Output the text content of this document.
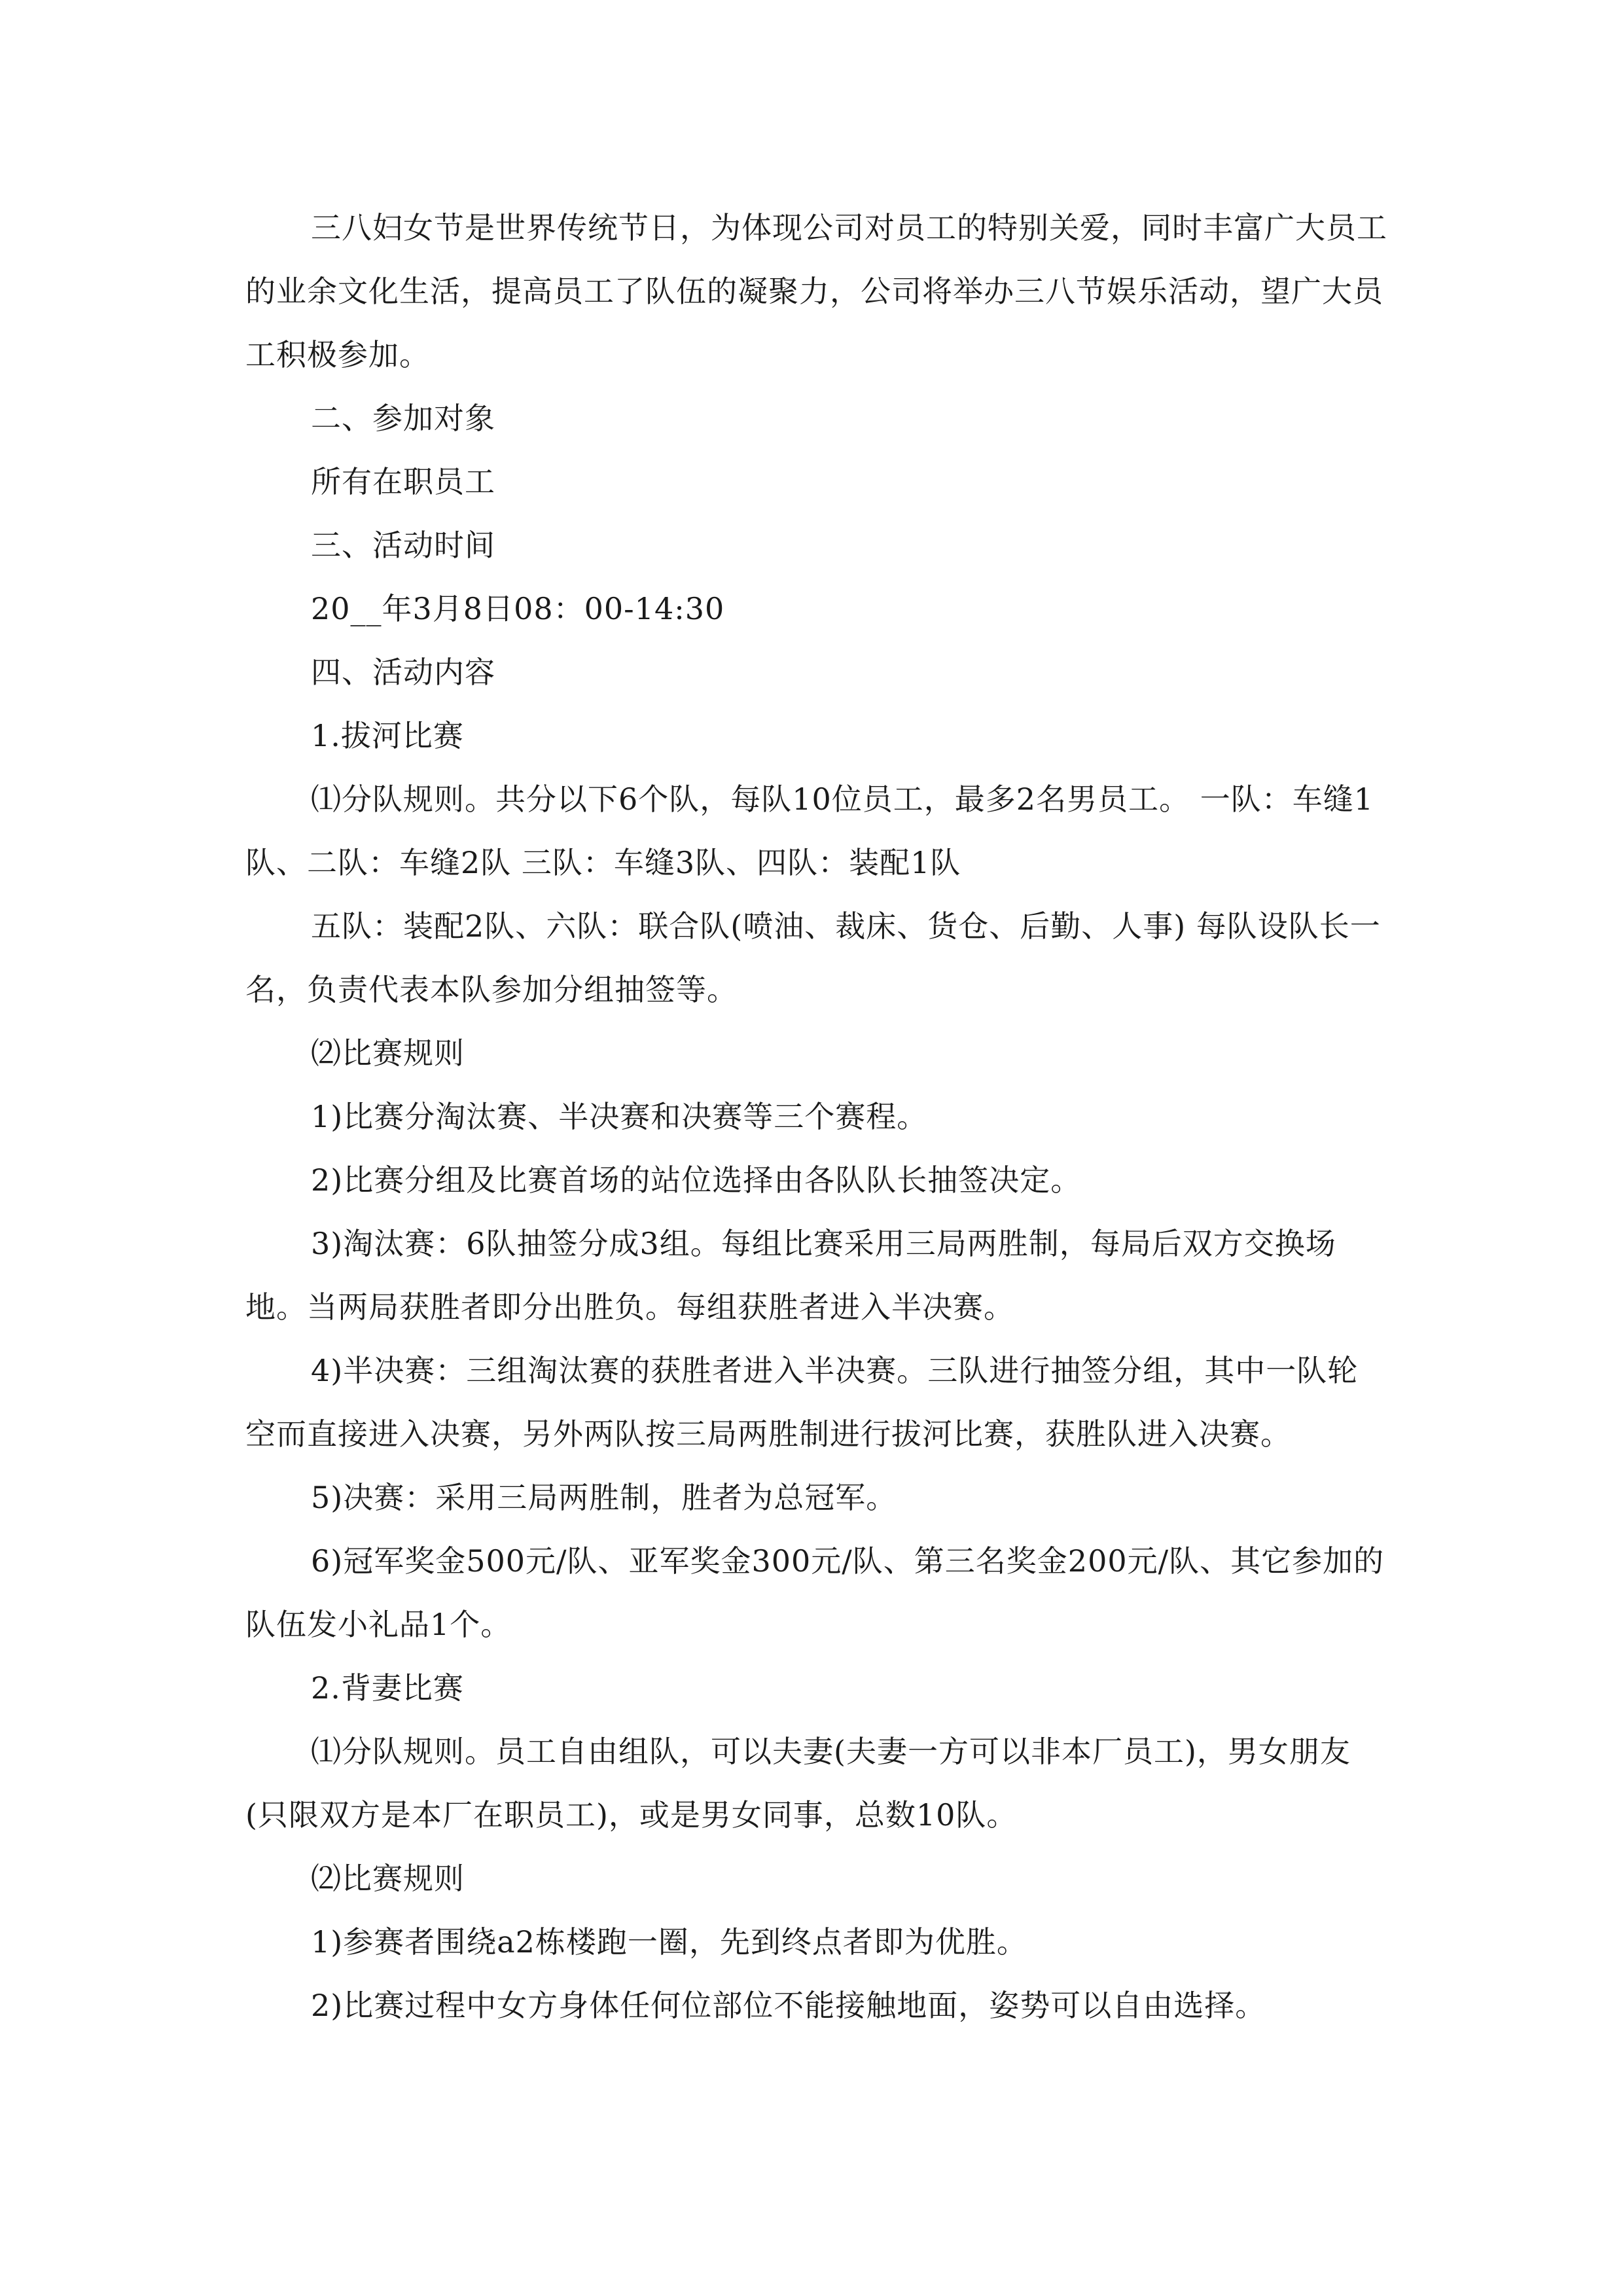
三八妇女节是世界传统节日，为体现公司对员工的特别关爱，同时丰富广大员工的业余文化生活，提高员工了队伍的凝聚力，公司将举办三八节娱乐活动，望广大员工积极参加。

二、参加对象

所有在职员工

三、活动时间

20__年3月8日08：00-14:30

四、活动内容

1.拔河比赛

⑴分队规则。共分以下6个队，每队10位员工，最多2名男员工。 一队：车缝1队、二队：车缝2队 三队：车缝3队、四队：装配1队

五队：装配2队、六队：联合队(喷油、裁床、货仓、后勤、人事) 每队设队长一名，负责代表本队参加分组抽签等。

⑵比赛规则

1)比赛分淘汰赛、半决赛和决赛等三个赛程。

2)比赛分组及比赛首场的站位选择由各队队长抽签决定。

3)淘汰赛：6队抽签分成3组。每组比赛采用三局两胜制，每局后双方交换场地。当两局获胜者即分出胜负。每组获胜者进入半决赛。

4)半决赛：三组淘汰赛的获胜者进入半决赛。三队进行抽签分组，其中一队轮空而直接进入决赛，另外两队按三局两胜制进行拔河比赛，获胜队进入决赛。

5)决赛：采用三局两胜制，胜者为总冠军。

6)冠军奖金500元/队、亚军奖金300元/队、第三名奖金200元/队、其它参加的队伍发小礼品1个。

2.背妻比赛

⑴分队规则。员工自由组队，可以夫妻(夫妻一方可以非本厂员工)，男女朋友(只限双方是本厂在职员工)，或是男女同事，总数10队。

⑵比赛规则

1)参赛者围绕a2栋楼跑一圈，先到终点者即为优胜。

2)比赛过程中女方身体任何位部位不能接触地面，姿势可以自由选择。
